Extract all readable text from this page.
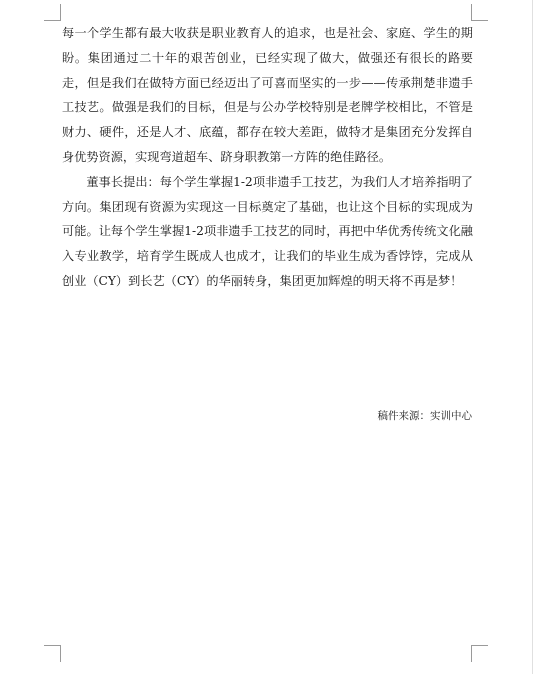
每一个学生都有最大收获是职业教育人的追求，也是社会、家庭、学生的期盼。集团通过二十年的艰苦创业，已经实现了做大，做强还有很长的路要走，但是我们在做特方面已经迈出了可喜而坚实的一步——传承荆楚非遗手工技艺。做强是我们的目标，但是与公办学校特别是老牌学校相比，不管是财力、硬件，还是人才、底蕴，都存在较大差距，做特才是集团充分发挥自身优势资源，实现弯道超车、跻身职教第一方阵的绝佳路径。

董事长提出：每个学生掌握1-2项非遗手工技艺，为我们人才培养指明了方向。集团现有资源为实现这一目标奠定了基础，也让这个目标的实现成为可能。让每个学生掌握1-2项非遗手工技艺的同时，再把中华优秀传统文化融入专业教学，培育学生既成人也成才，让我们的毕业生成为香饽饽，完成从创业（CY）到长艺（CY）的华丽转身，集团更加辉煌的明天将不再是梦！

稿件来源：实训中心
